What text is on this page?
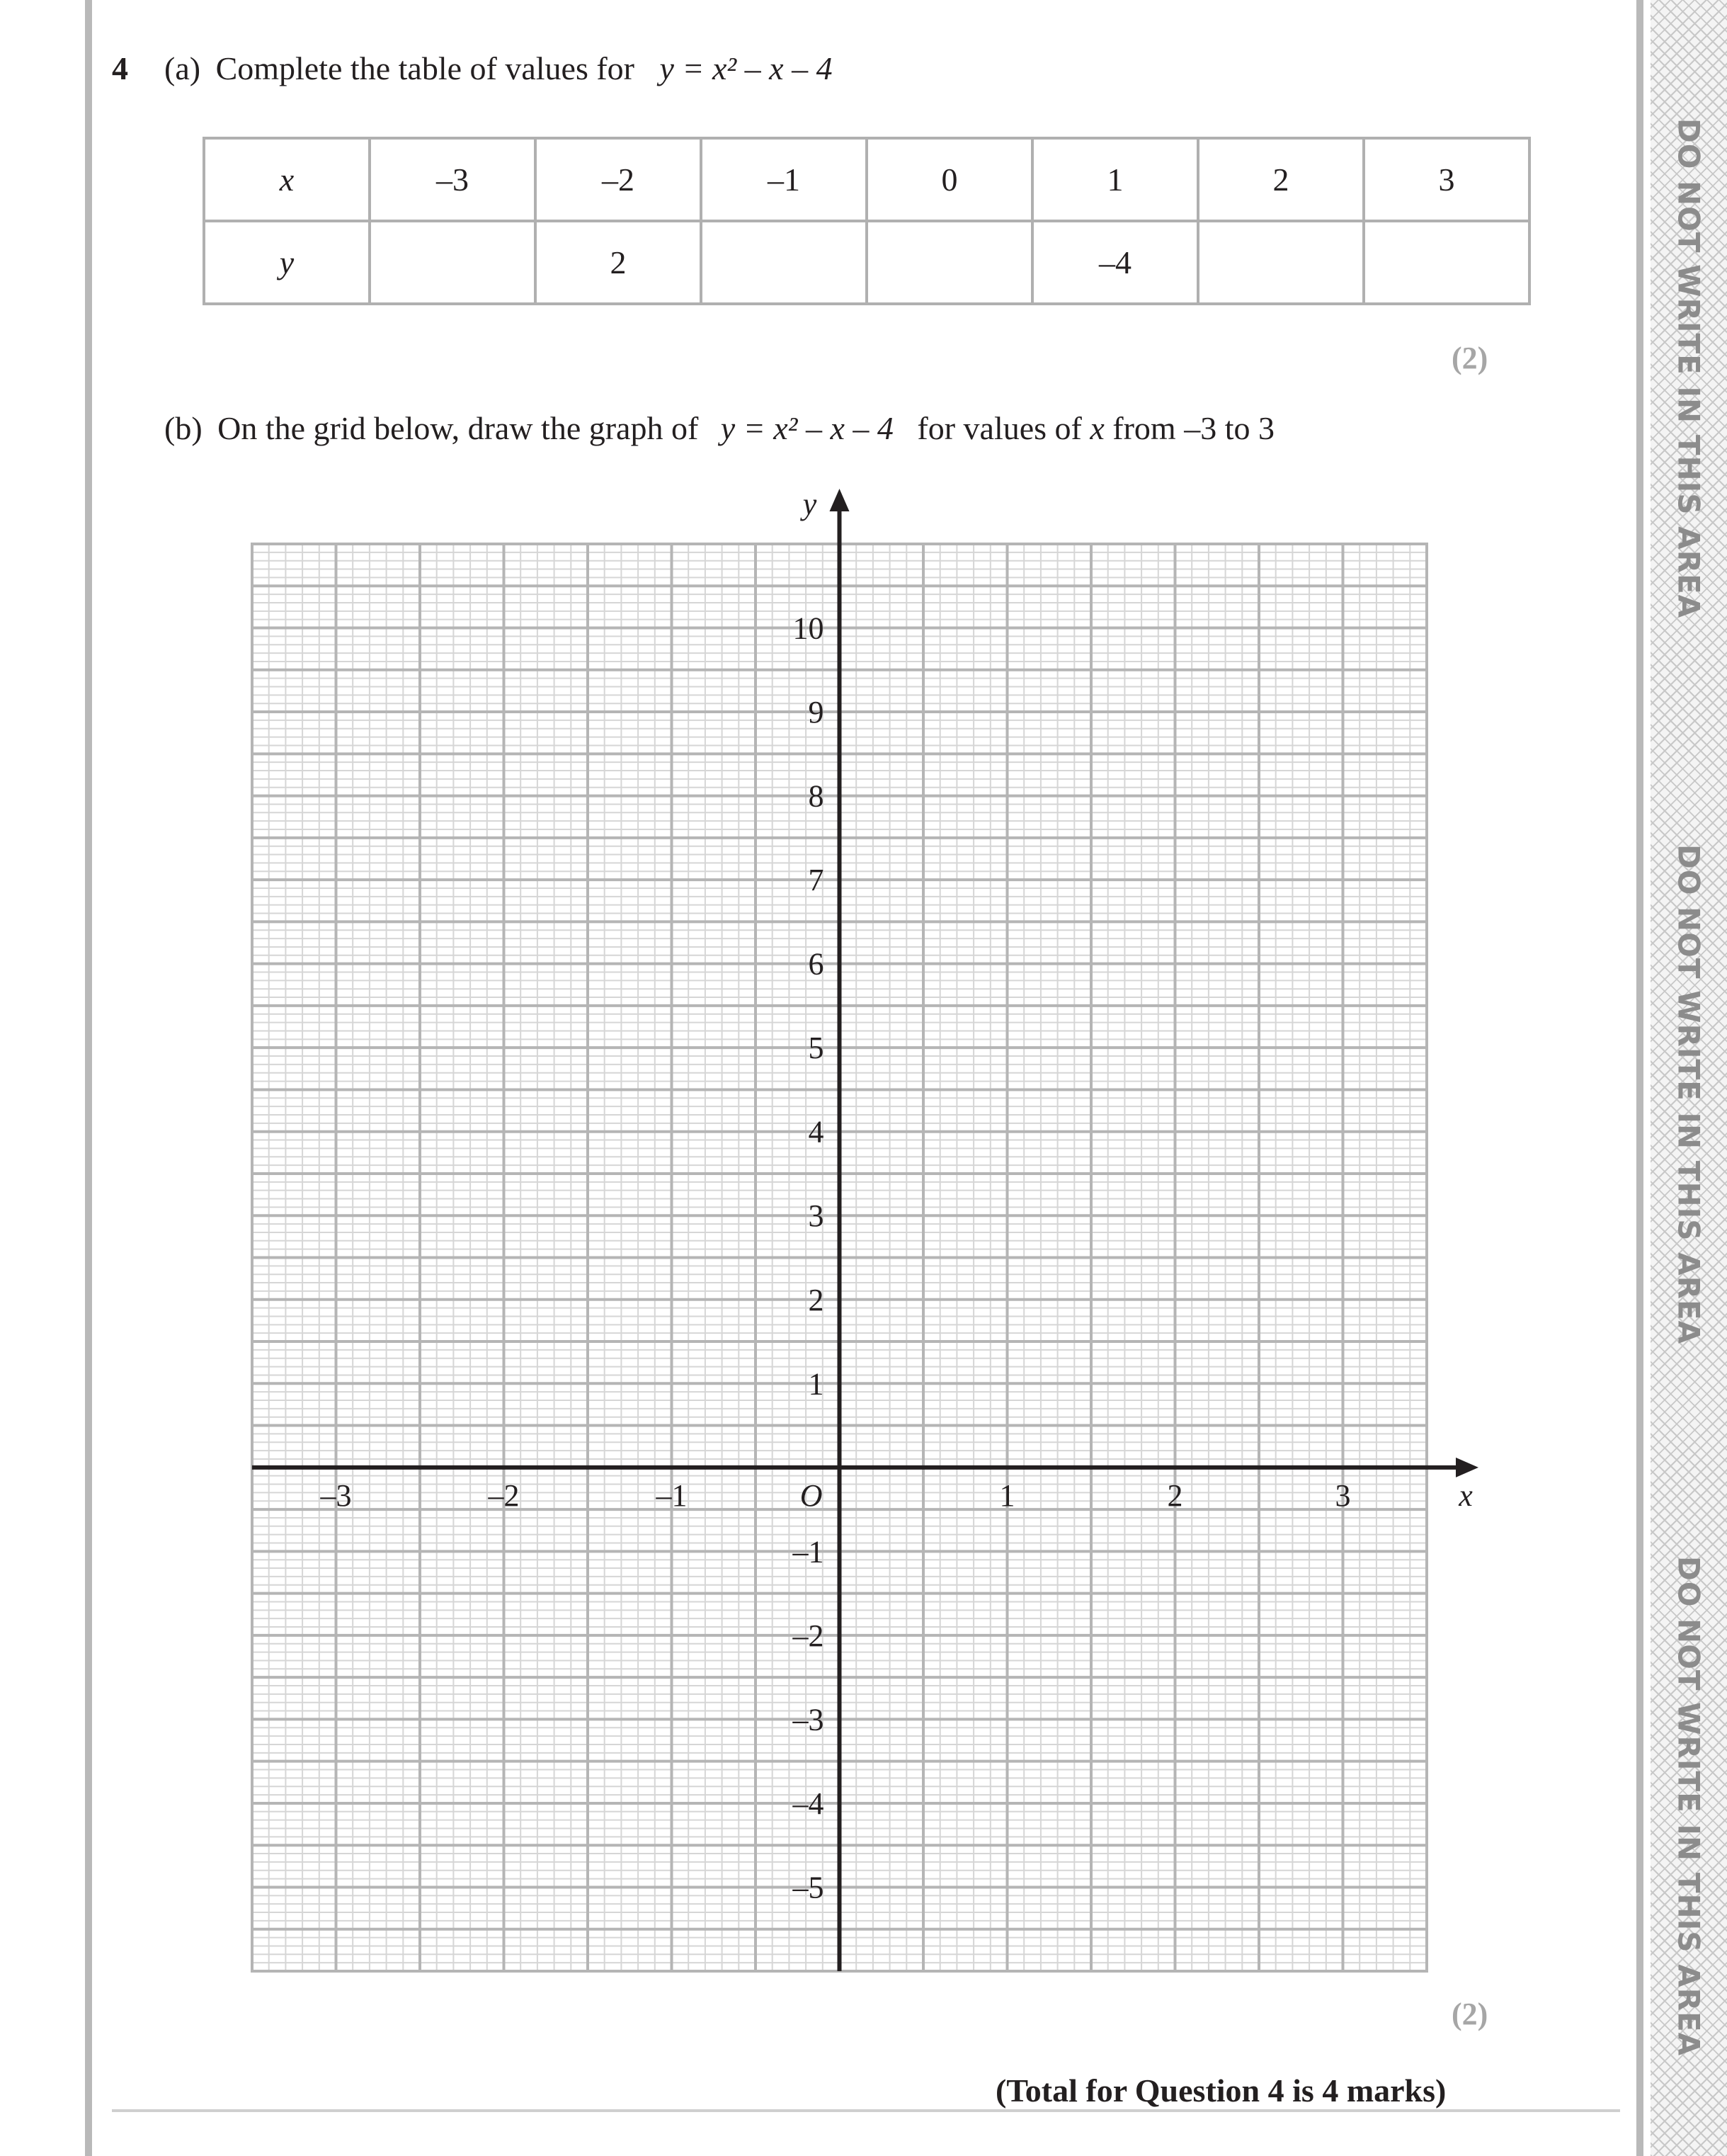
4 (a) Complete the table of values for y = x² – x – 4
x	–3	–2	–1	0	1	2	3
y		2			–4		
(2)
(b) On the grid below, draw the graph of y = x² – x – 4 for values of x from –3 to 3
–3	–2	–1	1	2	3
10
9
8
7
6
5
4
3
2
1
–1
–2
–3
–4
–5
O	x
y
(2)
(Total for Question 4 is 4 marks)
DO NOT WRITE IN THIS AREA
DO NOT WRITE IN THIS AREA
DO NOT WRITE IN THIS AREA
